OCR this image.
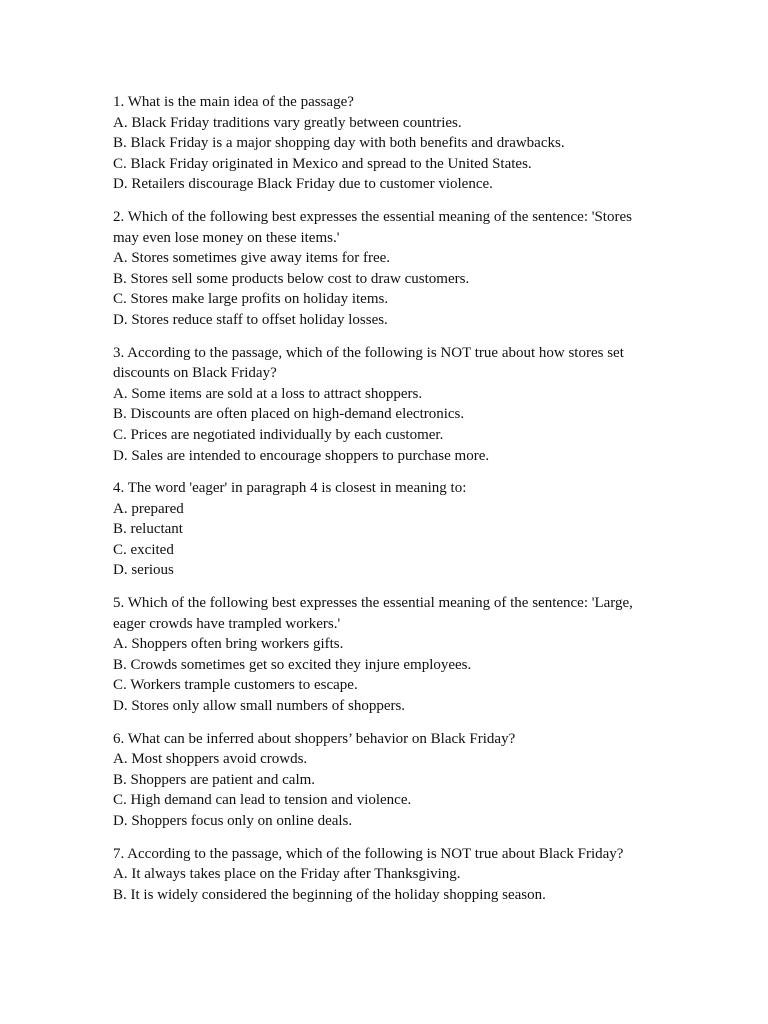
1. What is the main idea of the passage?
A. Black Friday traditions vary greatly between countries.
B. Black Friday is a major shopping day with both benefits and drawbacks.
C. Black Friday originated in Mexico and spread to the United States.
D. Retailers discourage Black Friday due to customer violence.
2. Which of the following best expresses the essential meaning of the sentence: 'Stores may even lose money on these items.'
A. Stores sometimes give away items for free.
B. Stores sell some products below cost to draw customers.
C. Stores make large profits on holiday items.
D. Stores reduce staff to offset holiday losses.
3. According to the passage, which of the following is NOT true about how stores set discounts on Black Friday?
A. Some items are sold at a loss to attract shoppers.
B. Discounts are often placed on high-demand electronics.
C. Prices are negotiated individually by each customer.
D. Sales are intended to encourage shoppers to purchase more.
4. The word 'eager' in paragraph 4 is closest in meaning to:
A. prepared
B. reluctant
C. excited
D. serious
5. Which of the following best expresses the essential meaning of the sentence: 'Large, eager crowds have trampled workers.'
A. Shoppers often bring workers gifts.
B. Crowds sometimes get so excited they injure employees.
C. Workers trample customers to escape.
D. Stores only allow small numbers of shoppers.
6. What can be inferred about shoppers’ behavior on Black Friday?
A. Most shoppers avoid crowds.
B. Shoppers are patient and calm.
C. High demand can lead to tension and violence.
D. Shoppers focus only on online deals.
7. According to the passage, which of the following is NOT true about Black Friday?
A. It always takes place on the Friday after Thanksgiving.
B. It is widely considered the beginning of the holiday shopping season.
